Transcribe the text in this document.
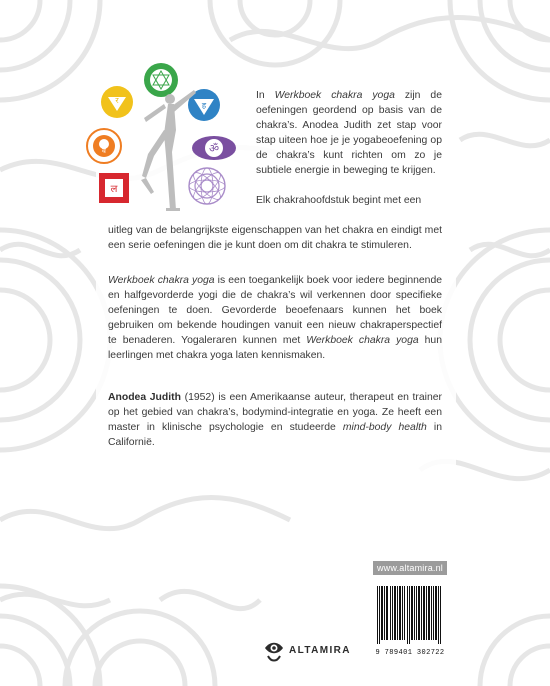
ॐ
ह
र
व
ल

In Werkboek chakra yoga zijn de oefeningen geordend op basis van de chakra’s. Anodea Judith zet stap voor stap uiteen hoe je je yogabeoefening op de chakra’s kunt richten om zo je subtiele energie in beweging te krijgen.

Elk chakrahoofdstuk begint met een

uitleg van de belangrijkste eigenschappen van het chakra en eindigt met een serie oefeningen die je kunt doen om dit chakra te stimuleren.

Werkboek chakra yoga is een toegankelijk boek voor iedere beginnende en halfgevorderde yogi die de chakra’s wil verkennen door specifieke oefeningen te doen. Gevorderde beoefenaars kunnen het boek gebruiken om bekende houdingen vanuit een nieuw chakraperspectief te benaderen. Yogaleraren kunnen met Werkboek chakra yoga hun leerlingen met chakra yoga laten kennismaken.

Anodea Judith (1952) is een Amerikaanse auteur, therapeut en trainer op het gebied van chakra’s, bodymind-integratie en yoga. Ze heeft een master in klinische psychologie en studeerde mind-body health in Californië.

www.altamira.nl
9 789401 302722
ALTAMIRA
